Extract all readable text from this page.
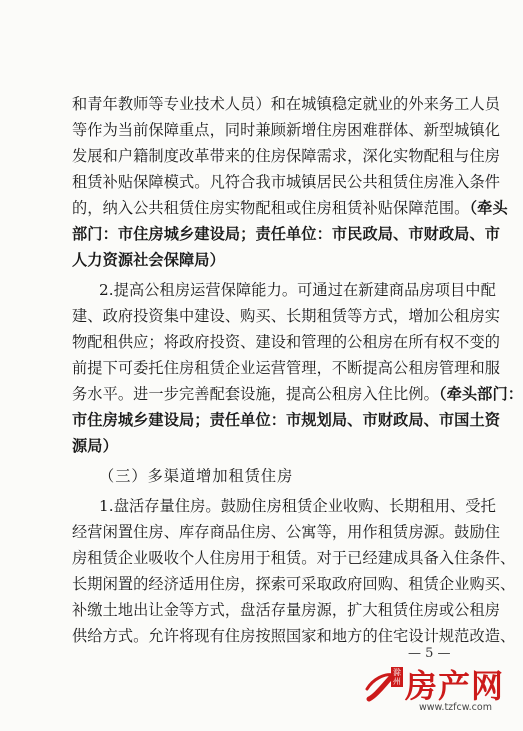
和青年教师等专业技术人员）和在城镇稳定就业的外来务工人员
等作为当前保障重点，同时兼顾新增住房困难群体、新型城镇化
发展和户籍制度改革带来的住房保障需求，深化实物配租与住房
租赁补贴保障模式。凡符合我市城镇居民公共租赁住房准入条件
的，纳入公共租赁住房实物配租或住房租赁补贴保障范围。（牵头
部门：市住房城乡建设局；责任单位：市民政局、市财政局、市
人力资源社会保障局）
2.提高公租房运营保障能力。可通过在新建商品房项目中配
建、政府投资集中建设、购买、长期租赁等方式，增加公租房实
物配租供应；将政府投资、建设和管理的公租房在所有权不变的
前提下可委托住房租赁企业运营管理，不断提高公租房管理和服
务水平。进一步完善配套设施，提高公租房入住比例。（牵头部门：
市住房城乡建设局；责任单位：市规划局、市财政局、市国土资
源局）
（三）多渠道增加租赁住房
1.盘活存量住房。鼓励住房租赁企业收购、长期租用、受托
经营闲置住房、库存商品住房、公寓等，用作租赁房源。鼓励住
房租赁企业吸收个人住房用于租赁。对于已经建成具备入住条件、
长期闲置的经济适用住房，探索可采取政府回购、租赁企业购买、
补缴土地出让金等方式，盘活存量房源，扩大租赁住房或公租房
供给方式。允许将现有住房按照国家和地方的住宅设计规范改造、
— 5 —
滁州 房产网
www.tzfcw.com
